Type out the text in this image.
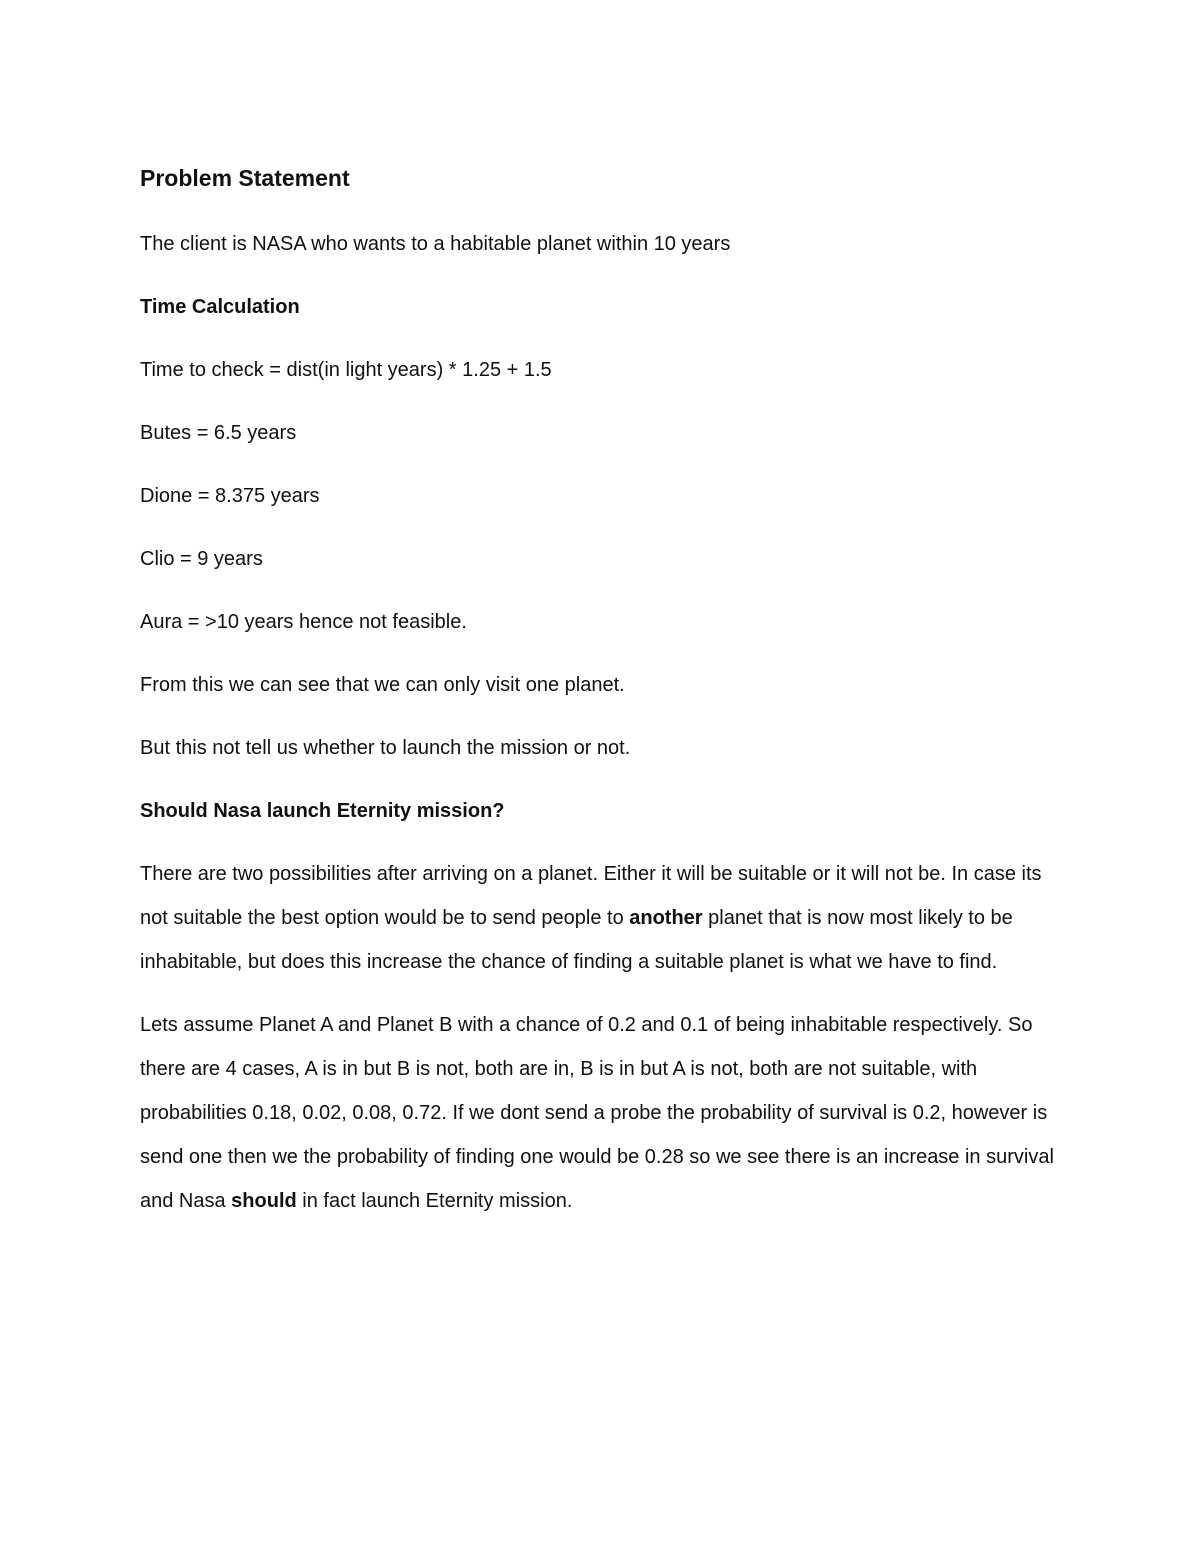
Problem Statement

The client is NASA who wants to a habitable planet within 10 years

Time Calculation

Time to check = dist(in light years) * 1.25 + 1.5

Butes = 6.5 years

Dione = 8.375 years

Clio = 9 years

Aura = >10 years hence not feasible.

From this we can see that we can only visit one planet.

But this not tell us whether to launch the mission or not.

Should Nasa launch Eternity mission?

There are two possibilities after arriving on a planet. Either it will be suitable or it will not be. In case its not suitable the best option would be to send people to another planet that is now most likely to be inhabitable, but does this increase the chance of finding a suitable planet is what we have to find.

Lets assume Planet A and Planet B with a chance of 0.2 and 0.1 of being inhabitable respectively. So there are 4 cases, A is in but B is not, both are in, B is in but A is not, both are not suitable, with probabilities 0.18, 0.02, 0.08, 0.72. If we dont send a probe the probability of survival is 0.2, however is send one then we the probability of finding one would be 0.28 so we see there is an increase in survival and Nasa should in fact launch Eternity mission.
